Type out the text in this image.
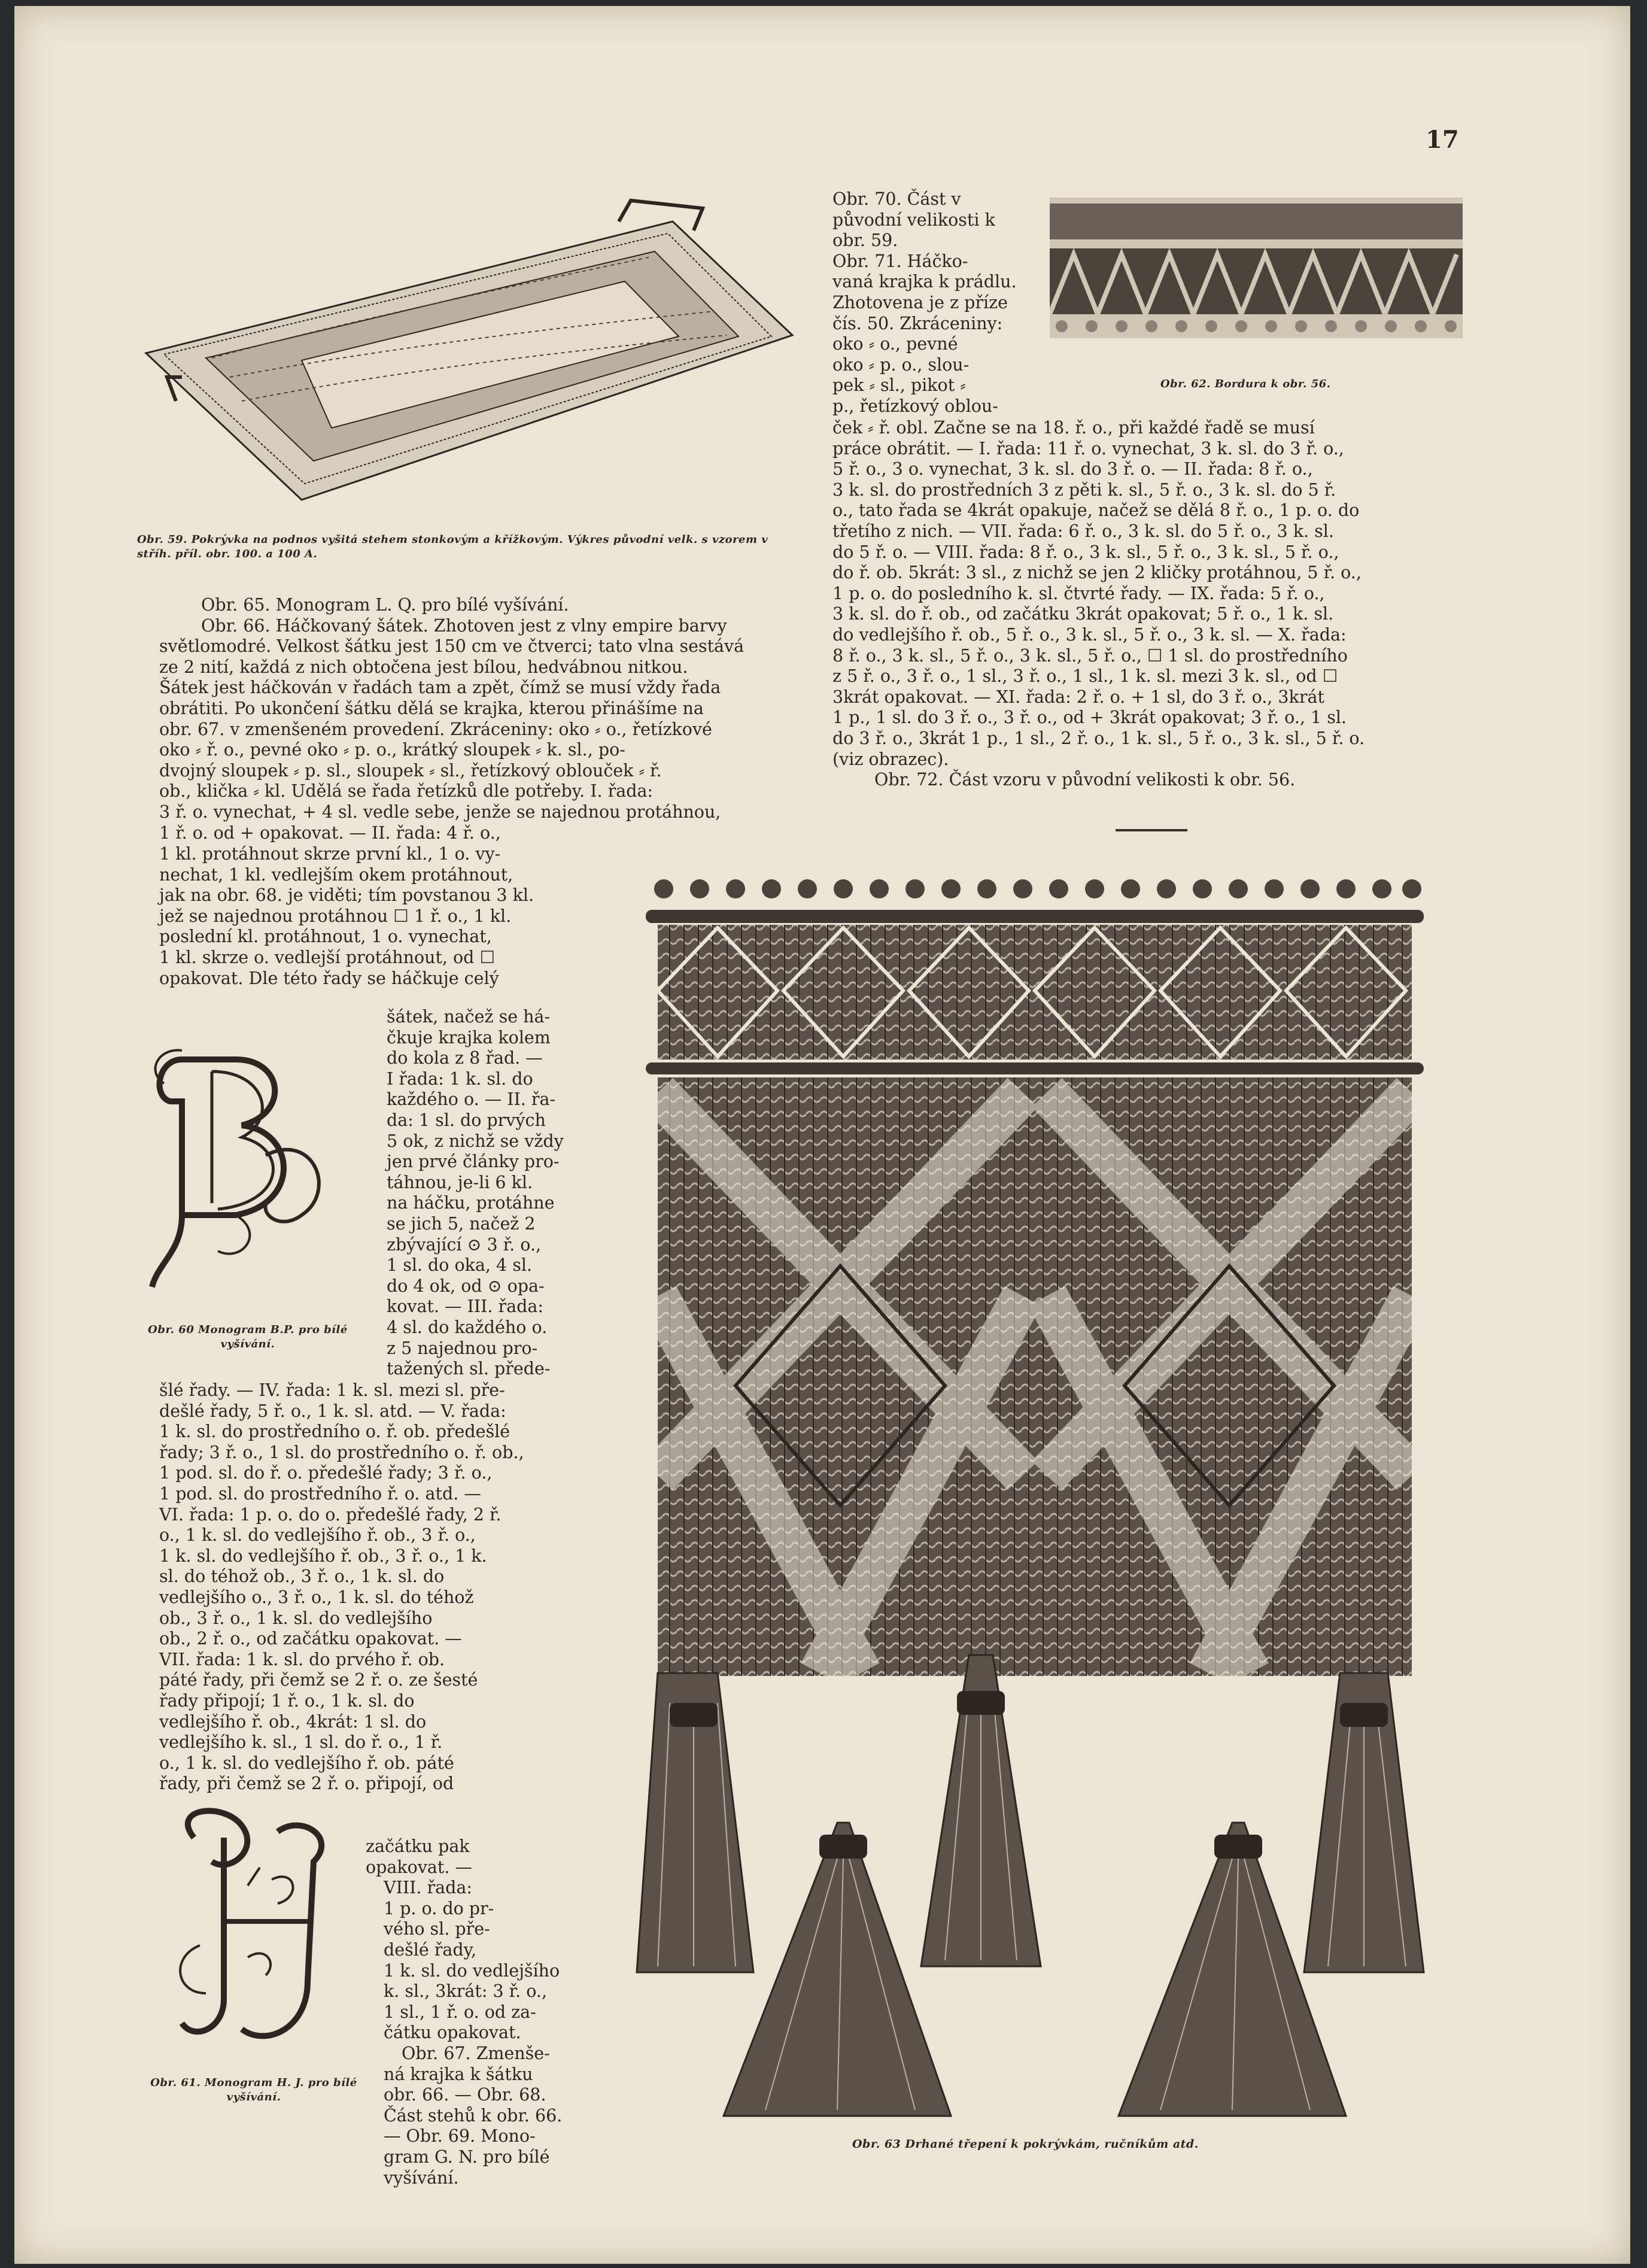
17
Obr. 59. Pokrývka na podnos vyšitá stehem stonkovým a křížkovým. Výkres původní velk. s vzorem v stříh. příl. obr. 100. a 100 A.
Obr. 62. Bordura k obr. 56.

Obr. 70. Část v

původní velikosti k

obr. 59.

Obr. 71. Háčko-

vaná krajka k prádlu.

Zhotovena je z příze

čís. 50. Zkráceniny:

oko ⸗ o., pevné

oko ⸗ p. o., slou-

pek ⸗ sl., pikot ⸗

p., řetízkový oblou-

ček ⸗ ř. obl. Začne se na 18. ř. o., při každé řadě se musí

práce obrátit. — I. řada: 11 ř. o. vynechat, 3 k. sl. do 3 ř. o.,

5 ř. o., 3 o. vynechat, 3 k. sl. do 3 ř. o. — II. řada: 8 ř. o.,

3 k. sl. do prostředních 3 z pěti k. sl., 5 ř. o., 3 k. sl. do 5 ř.

o., tato řada se 4krát opakuje, načež se dělá 8 ř. o., 1 p. o. do

třetího z nich. — VII. řada: 6 ř. o., 3 k. sl. do 5 ř. o., 3 k. sl.

do 5 ř. o. — VIII. řada: 8 ř. o., 3 k. sl., 5 ř. o., 3 k. sl., 5 ř. o.,

do ř. ob. 5krát: 3 sl., z nichž se jen 2 kličky protáhnou, 5 ř. o.,

1 p. o. do posledního k. sl. čtvrté řady. — IX. řada: 5 ř. o.,

3 k. sl. do ř. ob., od začátku 3krát opakovat; 5 ř. o., 1 k. sl.

do vedlejšího ř. ob., 5 ř. o., 3 k. sl., 5 ř. o., 3 k. sl. — X. řada:

8 ř. o., 3 k. sl., 5 ř. o., 3 k. sl., 5 ř. o., ☐ 1 sl. do prostředního

z 5 ř. o., 3 ř. o., 1 sl., 3 ř. o., 1 sl., 1 k. sl. mezi 3 k. sl., od ☐

3krát opakovat. — XI. řada: 2 ř. o. + 1 sl, do 3 ř. o., 3krát

1 p., 1 sl. do 3 ř. o., 3 ř. o., od + 3krát opakovat; 3 ř. o., 1 sl.

do 3 ř. o., 3krát 1 p., 1 sl., 2 ř. o., 1 k. sl., 5 ř. o., 3 k. sl., 5 ř. o.

(viz obrazec).

Obr. 72. Část vzoru v původní velikosti k obr. 56.

Obr. 65. Monogram L. Q. pro bílé vyšívání.

Obr. 66. Háčkovaný šátek. Zhotoven jest z vlny empire barvy

světlomodré. Velkost šátku jest 150 cm ve čtverci; tato vlna sestává

ze 2 nití, každá z nich obtočena jest bílou, hedvábnou nitkou.

Šátek jest háčkován v řadách tam a zpět, čímž se musí vždy řada

obrátiti. Po ukončení šátku dělá se krajka, kterou přinášíme na

obr. 67. v zmenšeném provedení. Zkráceniny: oko ⸗ o., řetízkové

oko ⸗ ř. o., pevné oko ⸗ p. o., krátký sloupek ⸗ k. sl., po-

dvojný sloupek ⸗ p. sl., sloupek ⸗ sl., řetízkový oblouček ⸗ ř.

ob., klička ⸗ kl. Udělá se řada řetízků dle potřeby. I. řada:

3 ř. o. vynechat, + 4 sl. vedle sebe, jenže se najednou protáhnou,

1 ř. o. od + opakovat. — II. řada: 4 ř. o.,

1 kl. protáhnout skrze první kl., 1 o. vy-

nechat, 1 kl. vedlejším okem protáhnout,

jak na obr. 68. je viděti; tím povstanou 3 kl.

jež se najednou protáhnou ☐ 1 ř. o., 1 kl.

poslední kl. protáhnout, 1 o. vynechat,

1 kl. skrze o. vedlejší protáhnout, od ☐

opakovat. Dle této řady se háčkuje celý

Obr. 60 Monogram B.P. pro bílé vyšívání.

šátek, načež se há-

čkuje krajka kolem

do kola z 8 řad. —

I řada: 1 k. sl. do

každého o. — II. řa-

da: 1 sl. do prvých

5 ok, z nichž se vždy

jen prvé články pro-

táhnou, je-li 6 kl.

na háčku, protáhne

se jich 5, načež 2

zbývající ⊙ 3 ř. o.,

1 sl. do oka, 4 sl.

do 4 ok, od ⊙ opa-

kovat. — III. řada:

4 sl. do každého o.

z 5 najednou pro-

tažených sl. přede-

šlé řady. — IV. řada: 1 k. sl. mezi sl. pře-

dešlé řady, 5 ř. o., 1 k. sl. atd. — V. řada:

1 k. sl. do prostředního o. ř. ob. předešlé

řady; 3 ř. o., 1 sl. do prostředního o. ř. ob.,

1 pod. sl. do ř. o. předešlé řady; 3 ř. o.,

1 pod. sl. do prostředního ř. o. atd. —

VI. řada: 1 p. o. do o. předešlé řady, 2 ř.

o., 1 k. sl. do vedlejšího ř. ob., 3 ř. o.,

1 k. sl. do vedlejšího ř. ob., 3 ř. o., 1 k.

sl. do téhož ob., 3 ř. o., 1 k. sl. do

vedlejšího o., 3 ř. o., 1 k. sl. do téhož

ob., 3 ř. o., 1 k. sl. do vedlejšího

ob., 2 ř. o., od začátku opakovat. —

VII. řada: 1 k. sl. do prvého ř. ob.

páté řady, při čemž se 2 ř. o. ze šesté

řady připojí; 1 ř. o., 1 k. sl. do

vedlejšího ř. ob., 4krát: 1 sl. do

vedlejšího k. sl., 1 sl. do ř. o., 1 ř.

o., 1 k. sl. do vedlejšího ř. ob. páté

řady, při čemž se 2 ř. o. připojí, od

Obr. 61. Monogram H. J. pro bílé vyšívání.

začátku pak

opakovat. —

VIII. řada:

1 p. o. do pr-

vého sl. pře-

dešlé řady,

1 k. sl. do vedlejšího

k. sl., 3krát: 3 ř. o.,

1 sl., 1 ř. o. od za-

čátku opakovat.

Obr. 67. Zmenše-

ná krajka k šátku

obr. 66. — Obr. 68.

Část stehů k obr. 66.

— Obr. 69. Mono-

gram G. N. pro bílé

vyšívání.

Obr. 63 Drhané třepení k pokrývkám, ručníkům atd.
